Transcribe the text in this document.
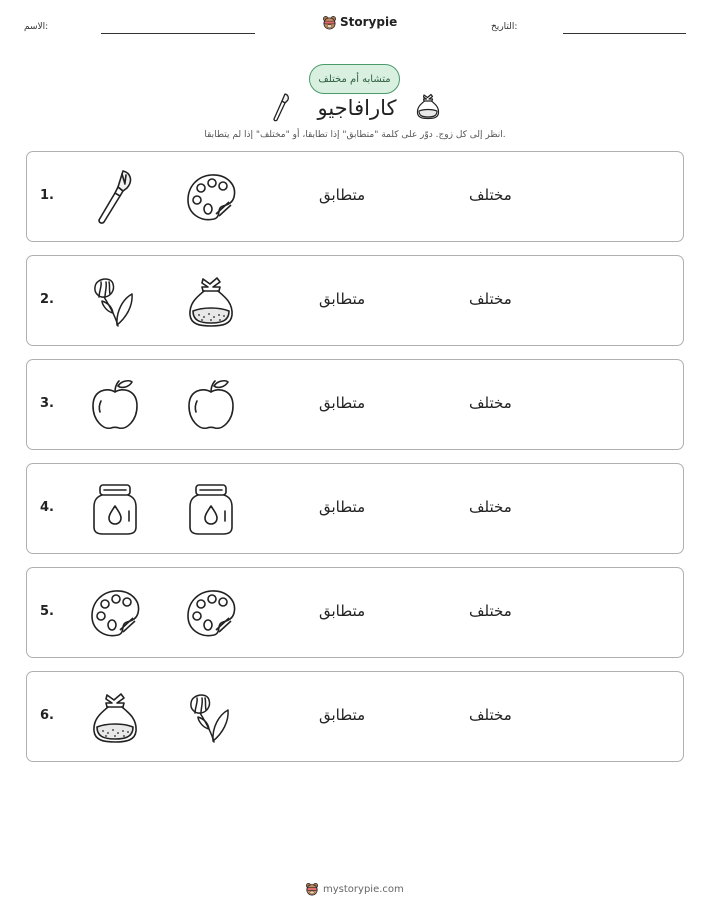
التاريخ:
الاسم:	Storypie
متشابه أم مختلف
كارافاجيو
انظر إلى كل زوج. دوّر على كلمة "متطابق" إذا تطابقا، أو "مختلف" إذا لم يتطابقا.
1.	متطابق	مختلف
2.	متطابق	مختلف
3.	متطابق	مختلف
4.	متطابق	مختلف
5.	متطابق	مختلف
6.	متطابق	مختلف
mystorypie.com
